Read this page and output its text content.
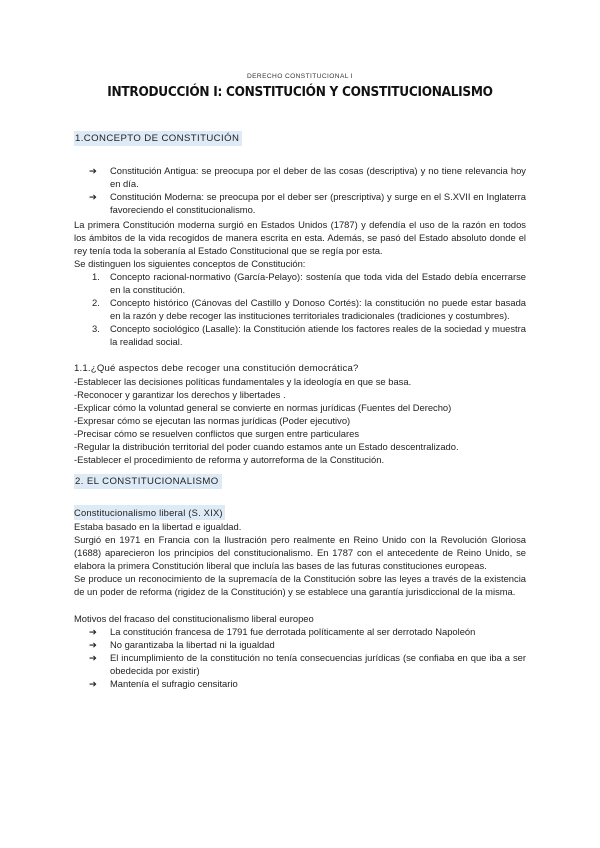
DERECHO CONSTITUCIONAL I
INTRODUCCIÓN I: CONSTITUCIÓN Y CONSTITUCIONALISMO
1.CONCEPTO DE CONSTITUCIÓN
➔ Constitución Antigua: se preocupa por el deber de las cosas (descriptiva) y no tiene relevancia hoy en día.
➔ Constitución Moderna: se preocupa por el deber ser (prescriptiva) y surge en el S.XVII en Inglaterra favoreciendo el constitucionalismo.

La primera Constitución moderna surgió en Estados Unidos (1787) y defendía el uso de la razón en todos los ámbitos de la vida recogidos de manera escrita en esta. Además, se pasó del Estado absoluto donde el rey tenía toda la soberanía al Estado Constitucional que se regía por esta.

Se distinguen los siguientes conceptos de Constitución:

1. Concepto racional-normativo (García-Pelayo): sostenía que toda vida del Estado debía encerrarse en la constitución.
2. Concepto histórico (Cánovas del Castillo y Donoso Cortés): la constitución no puede estar basada en la razón y debe recoger las instituciones territoriales tradicionales (tradiciones y costumbres).
3. Concepto sociológico (Lasalle): la Constitución atiende los factores reales de la sociedad y muestra la realidad social.

1.1.¿Qué aspectos debe recoger una constitución democrática?

-Establecer las decisiones políticas fundamentales y la ideología en que se basa.

-Reconocer y garantizar los derechos y libertades .

-Explicar cómo la voluntad general se convierte en normas jurídicas (Fuentes del Derecho)

-Expresar cómo se ejecutan las normas jurídicas (Poder ejecutivo)

-Precisar cómo se resuelven conflictos que surgen entre particulares

-Regular la distribución territorial del poder cuando estamos ante un Estado descentralizado.

-Establecer el procedimiento de reforma y autorreforma de la Constitución.

2. EL CONSTITUCIONALISMO
Constitucionalismo liberal (S. XIX)

Estaba basado en la libertad e igualdad.

Surgió en 1971 en Francia con la Ilustración pero realmente en Reino Unido con la Revolución Gloriosa (1688) aparecieron los principios del constitucionalismo. En 1787 con el antecedente de Reino Unido, se elabora la primera Constitución liberal que incluía las bases de las futuras constituciones europeas.

Se produce un reconocimiento de la supremacía de la Constitución sobre las leyes a través de la existencia de un poder de reforma (rigidez de la Constitución) y se establece una garantía jurisdiccional de la misma.

Motivos del fracaso del constitucionalismo liberal europeo

➔ La constitución francesa de 1791 fue derrotada políticamente al ser derrotado Napoleón
➔ No garantizaba la libertad ni la igualdad
➔ El incumplimiento de la constitución no tenía consecuencias jurídicas (se confiaba en que iba a ser obedecida por existir)
➔ Mantenía el sufragio censitario
